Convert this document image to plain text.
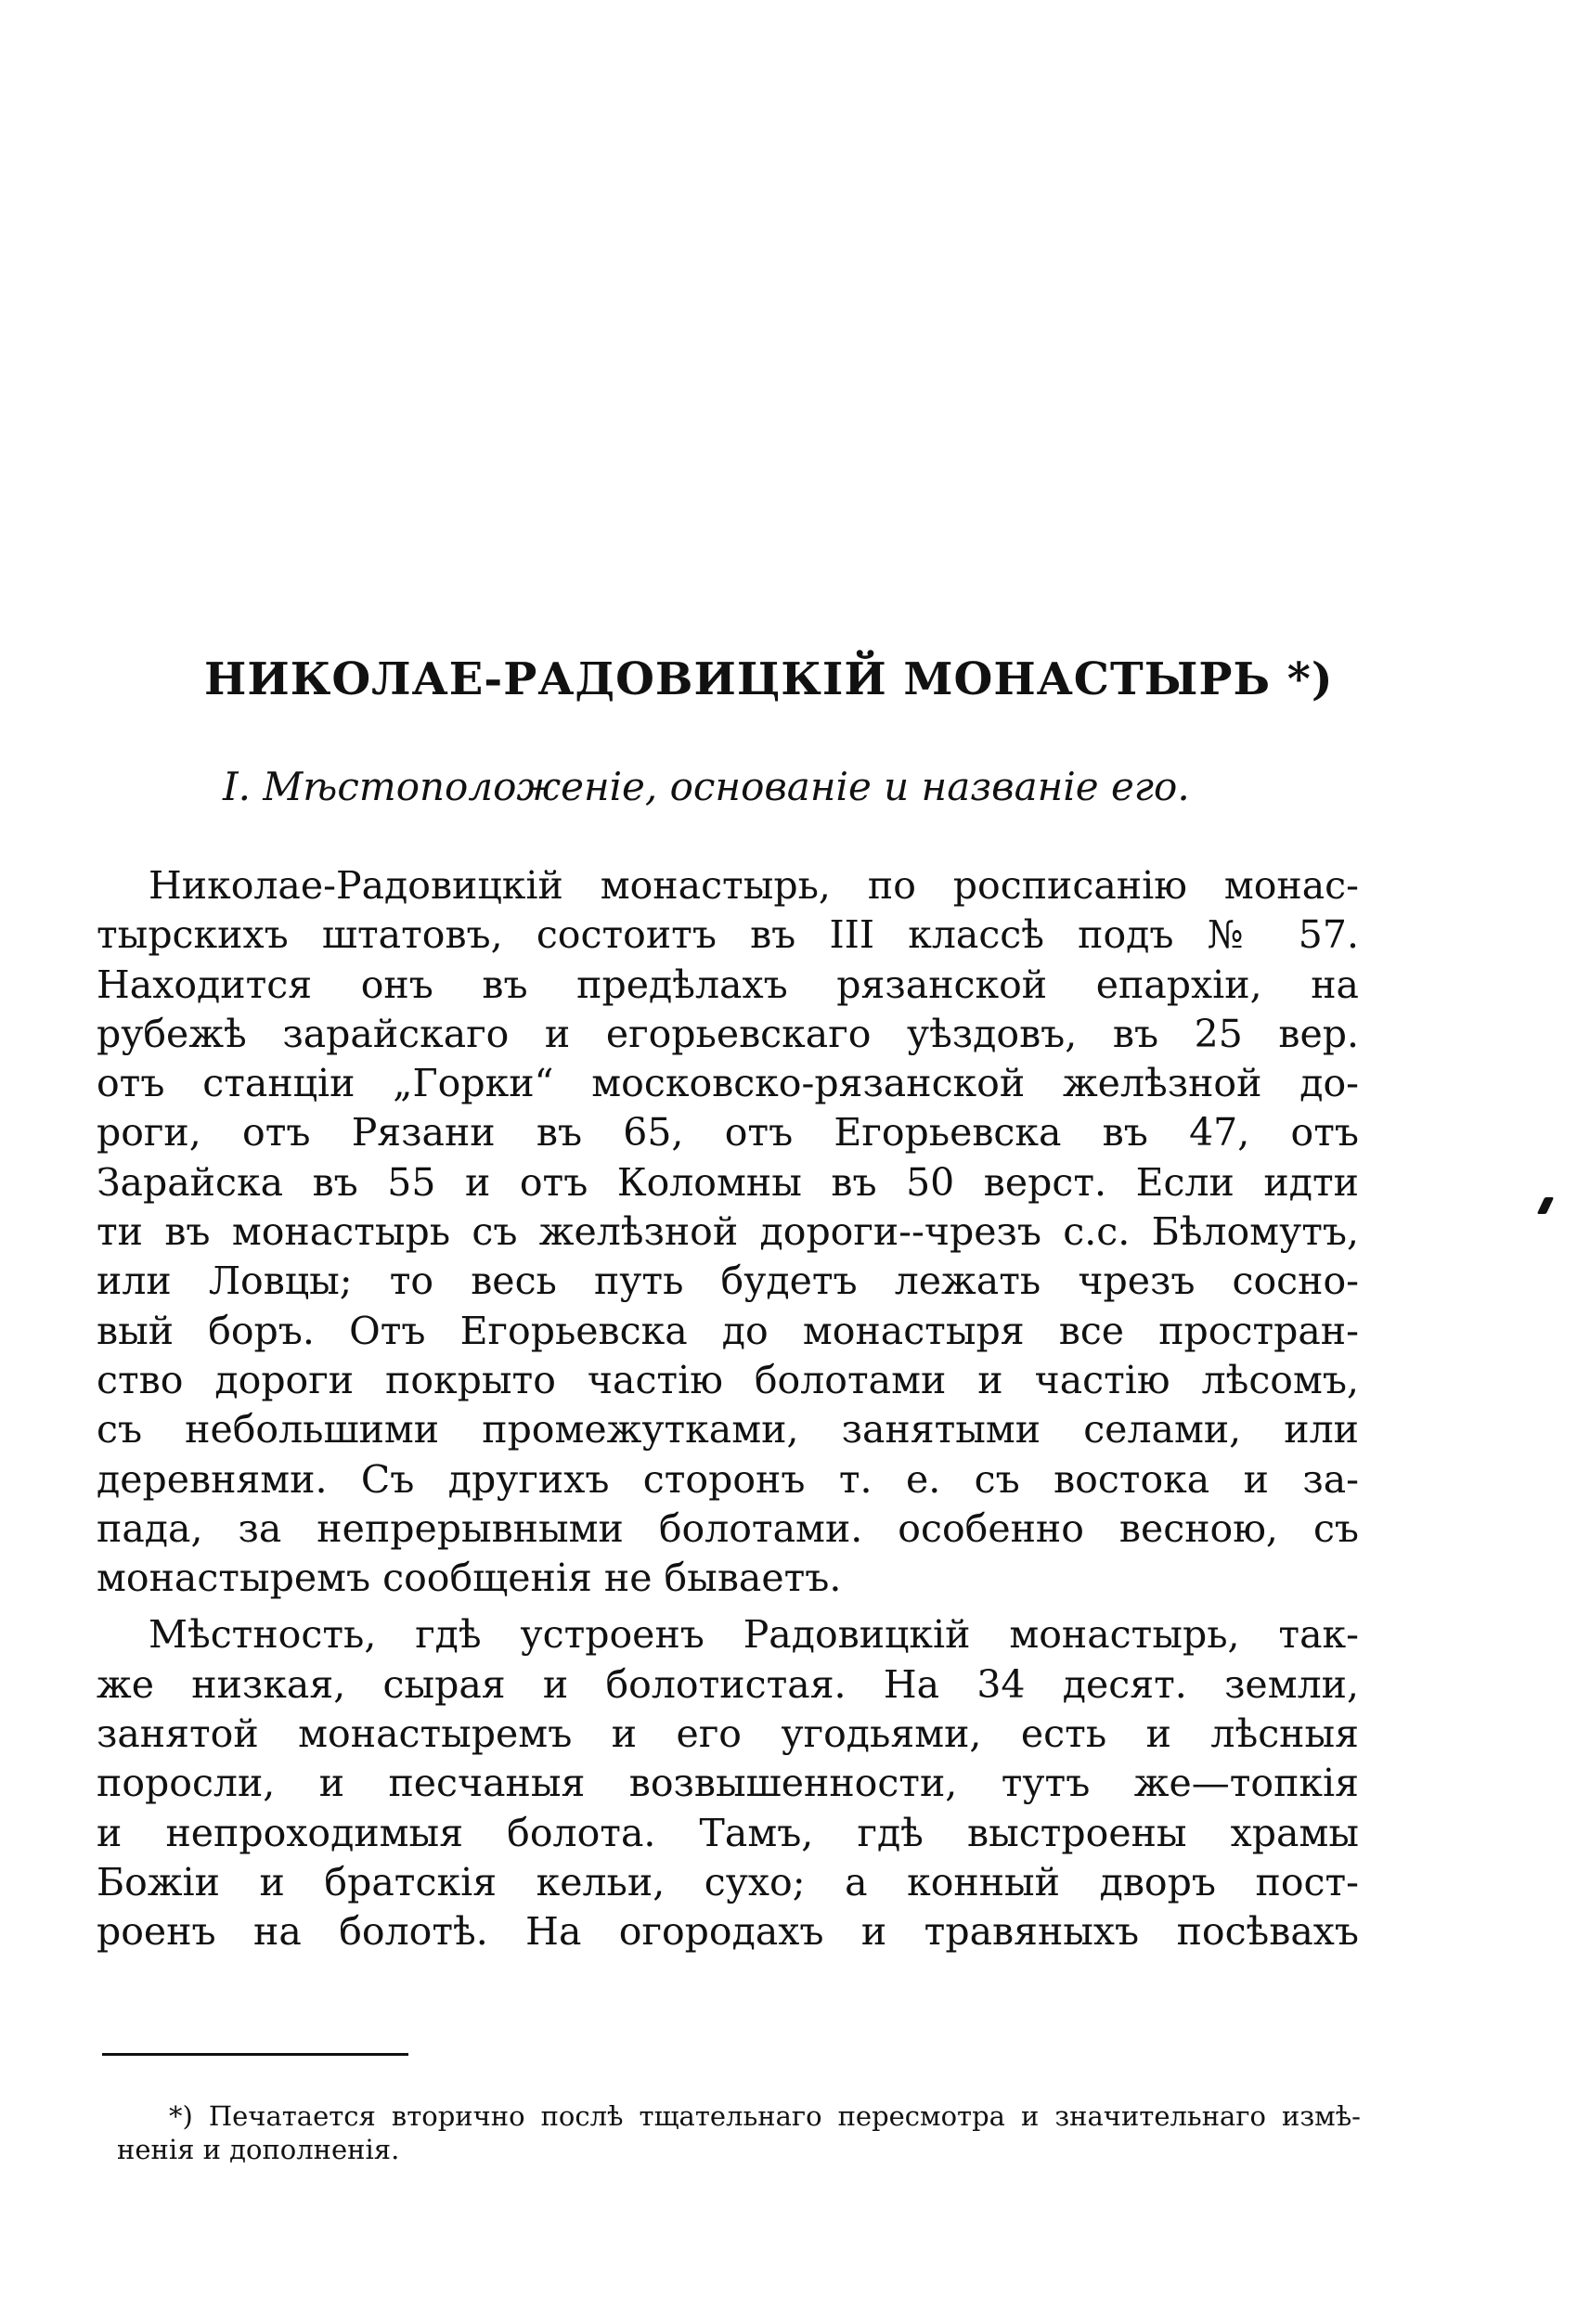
НИКОЛАЕ-РАДОВИЦКІЙ МОНАСТЫРЬ *)
I. Мѣстоположеніе, основаніе и названіе его.
Николае-Радовицкій монастырь, по росписанію монас-
тырскихъ штатовъ, состоитъ въ III классѣ подъ № 57.
Находится онъ въ предѣлахъ рязанской епархіи, на
рубежѣ зарайскаго и егорьевскаго уѣздовъ, въ 25 вер.
отъ станціи „Горки“ московско-рязанской желѣзной до-
роги, отъ Рязани въ 65, отъ Егорьевска въ 47, отъ
Зарайска въ 55 и отъ Коломны въ 50 верст. Если идти
ти въ монастырь съ желѣзной дороги--чрезъ с.с. Бѣломутъ,
или Ловцы; то весь путь будетъ лежать чрезъ сосно-
вый боръ. Отъ Егорьевска до монастыря все простран-
ство дороги покрыто частію болотами и частію лѣсомъ,
съ небольшими промежутками, занятыми селами, или
деревнями. Съ другихъ сторонъ т. е. съ востока и за-
пада, за непрерывными болотами. особенно весною, съ
монастыремъ сообщенія не бываетъ.
Мѣстность, гдѣ устроенъ Радовицкій монастырь, так-
же низкая, сырая и болотистая. На 34 десят. земли,
занятой монастыремъ и его угодьями, есть и лѣсныя
поросли, и песчаныя возвышенности, тутъ же—топкія
и непроходимыя болота. Тамъ, гдѣ выстроены храмы
Божіи и братскія кельи, сухо; а конный дворъ пост-
роенъ на болотѣ. На огородахъ и травяныхъ посѣвахъ
*) Печатается вторично послѣ тщательнаго пересмотра и значительнаго измѣ-
ненія и дополненія.
